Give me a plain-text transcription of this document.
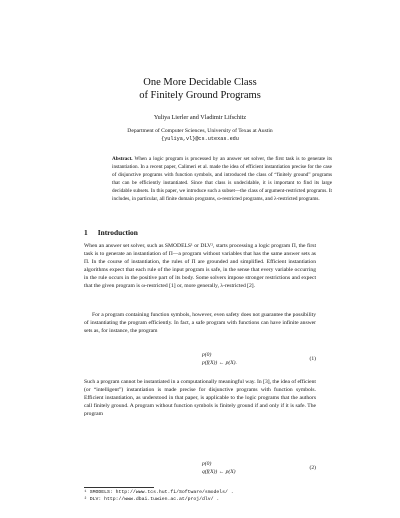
One More Decidable Class
of Finitely Ground Programs
Yuliya Lierler and Vladimir Lifschitz
Department of Computer Sciences, University of Texas at Austin
{yuliya,vl}@cs.utexas.edu
Abstract. When a logic program is processed by an answer set solver, the first task is to generate its instantiation. In a recent paper, Calimeri et al. made the idea of efficient instantiation precise for the case of disjunctive programs with function symbols, and introduced the class of “finitely ground” programs that can be efficiently instantiated. Since that class is undecidable, it is important to find its large decidable subsets. In this paper, we introduce such a subset—the class of argument-restricted programs. It includes, in particular, all finite domain programs, ω-restricted programs, and λ-restricted programs.
1 Introduction
When an answer set solver, such as SMODELS¹ or DLV², starts processing a logic program Π, the first task is to generate an instantiation of Π—a program without variables that has the same answer sets as Π. In the course of instantiation, the rules of Π are grounded and simplified. Efficient instantiation algorithms expect that each rule of the input program is safe, in the sense that every variable occurring in the rule occurs in the positive part of its body. Some solvers impose stronger restrictions and expect that the given program is ω-restricted [1] or, more generally, λ-restricted [2].
For a program containing function symbols, however, even safety does not guarantee the possibility of instantiating the program efficiently. In fact, a safe program with functions can have infinite answer sets as, for instance, the program
p(0)
p(f(X)) ← p(X).
(1)
Such a program cannot be instantiated in a computationally meaningful way. In [3], the idea of efficient (or “intelligent”) instantiation is made precise for disjunctive programs with function symbols. Efficient instantiation, as understood in that paper, is applicable to the logic programs that the authors call finitely ground. A program without function symbols is finitely ground if and only if it is safe. The program
p(0)
q(f(X)) ← p(X)
(2)
¹ SMODELS: http://www.tcs.hut.fi/Software/smodels/ .
² DLV: http://www.dbai.tuwien.ac.at/proj/dlv/ .
